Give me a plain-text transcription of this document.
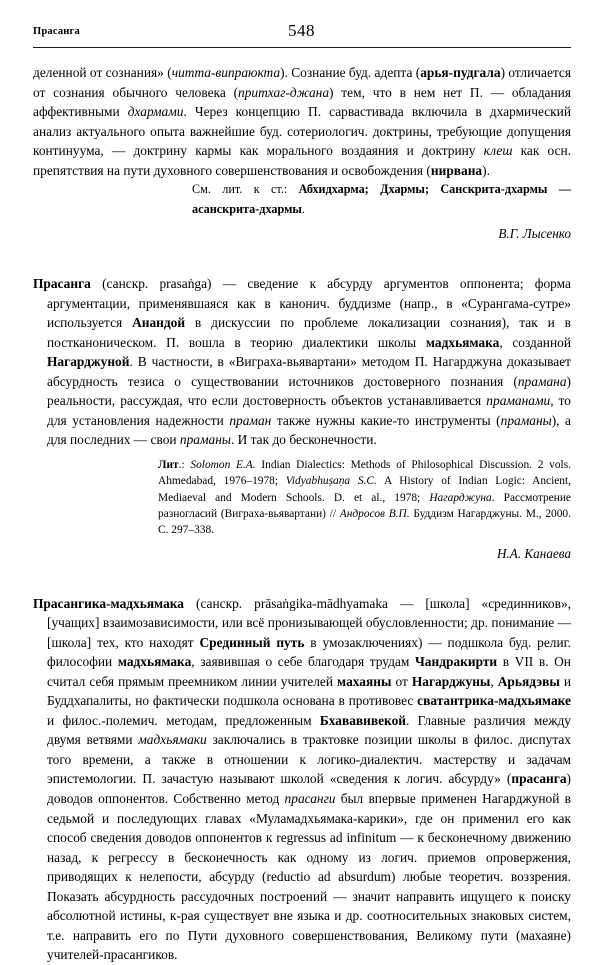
Прасанга	548

деленной от сознания» (читта-випраюкта). Сознание буд. адепта (арья-пудгала) отличается от сознания обычного человека (притхаг-джана) тем, что в нем нет П. — обладания аффективными дхармами. Через концепцию П. сарвастивада включила в дхармический анализ актуального опыта важнейшие буд. сотериологич. доктрины, требующие допущения континуума, — доктрину кармы как морального воздаяния и доктрину клеш как осн. препятствия на пути духовного совершенствования и освобождения (нирвана).

См. лит. к ст.: Абхидхарма; Дхармы; Санскрита-дхармы — асанскрита-дхармы.

В.Г. Лысенко

Прасанга (санскр. prasaṅga) — сведение к абсурду аргументов оппонента; форма аргументации, применявшаяся как в канонич. буддизме (напр., в «Сурангама-сутре» используется Анандой в дискуссии по проблеме локализации сознания), так и в постканоническом. П. вошла в теорию диалектики школы мадхьямака, созданной Нагарджуной. В частности, в «Виграха-вьявартани» методом П. Нагарджуна доказывает абсурдность тезиса о существовании источников достоверного познания (прамана) реальности, рассуждая, что если достоверность объектов устанавливается праманами, то для установления надежности праман также нужны какие-то инструменты (праманы), а для последних — свои праманы. И так до бесконечности.

Лит.: Solomon E.A. Indian Dialectics: Methods of Philosophical Discussion. 2 vols. Ahmedabad, 1976–1978; Vidyabhuṣaṇa S.C. A History of Indian Logic: Ancient, Mediaeval and Modern Schools. D. et al., 1978; Нагарджуна. Рассмотрение разногласий (Виграха-вьявартани) // Андросов В.П. Буддизм Нагарджуны. М., 2000. С. 297–338.

Н.А. Канаева

Прасангика-мадхьямака (санскр. prāsaṅgika-mādhyamaka — [школа] «срединников», [учащих] взаимозависимости, или всё пронизывающей обусловленности; др. понимание — [школа] тех, кто находят Срединный путь в умозаключениях) — подшкола буд. религ. философии мадхьямака, заявившая о себе благодаря трудам Чандракирти в VII в. Он считал себя прямым преемником линии учителей махаяны от Нагарджуны, Арьядэвы и Буддхапалиты, но фактически подшкола основана в противовес сватантрика-мадхьямаке и филос.-полемич. методам, предложенным Бхававивекой. Главные различия между двумя ветвями мадхьямаки заключались в трактовке позиции школы в филос. диспутах того времени, а также в отношении к логико-диалектич. мастерству и задачам эпистемологии. П. зачастую называют школой «сведения к логич. абсурду» (прасанга) доводов оппонентов. Собственно метод прасанги был впервые применен Нагарджуной в седьмой и последующих главах «Муламадхьямака-карики», где он применил его как способ сведения доводов оппонентов к regressus ad infinitum — к бесконечному движению назад, к регрессу в бесконечность как одному из логич. приемов опровержения, приводящих к нелепости, абсурду (reductio ad absurdum) любые теоретич. воззрения. Показать абсурдность рассудочных построений — значит направить ищущего к поиску абсолютной истины, к-рая существует вне языка и др. соотносительных знаковых систем, т.е. направить его по Пути духовного совершенствования, Великому пути (махаяне) учителей-прасангиков.
